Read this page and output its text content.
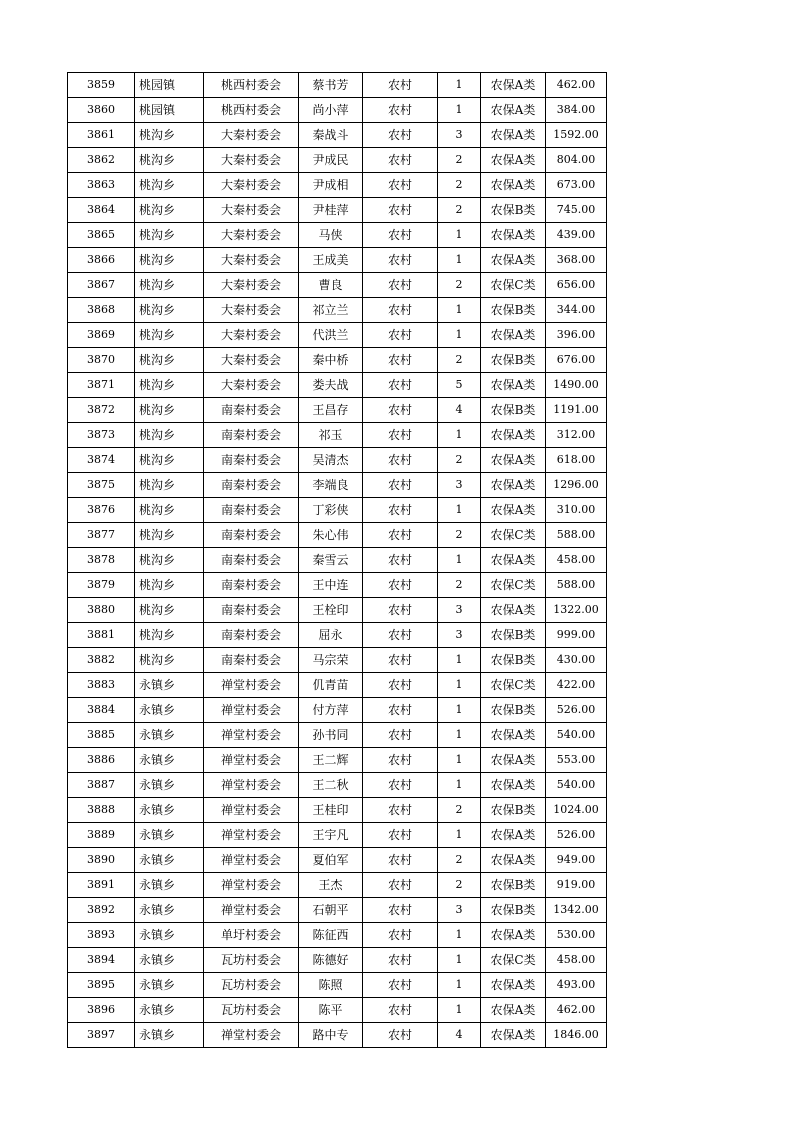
3859	桃园镇	桃西村委会	蔡书芳	农村	1	农保A类	462.00
3860	桃园镇	桃西村委会	尚小萍	农村	1	农保A类	384.00
3861	桃沟乡	大秦村委会	秦战斗	农村	3	农保A类	1592.00
3862	桃沟乡	大秦村委会	尹成民	农村	2	农保A类	804.00
3863	桃沟乡	大秦村委会	尹成相	农村	2	农保A类	673.00
3864	桃沟乡	大秦村委会	尹桂萍	农村	2	农保B类	745.00
3865	桃沟乡	大秦村委会	马侠	农村	1	农保A类	439.00
3866	桃沟乡	大秦村委会	王成美	农村	1	农保A类	368.00
3867	桃沟乡	大秦村委会	曹良	农村	2	农保C类	656.00
3868	桃沟乡	大秦村委会	祁立兰	农村	1	农保B类	344.00
3869	桃沟乡	大秦村委会	代洪兰	农村	1	农保A类	396.00
3870	桃沟乡	大秦村委会	秦中桥	农村	2	农保B类	676.00
3871	桃沟乡	大秦村委会	娄夫战	农村	5	农保A类	1490.00
3872	桃沟乡	南秦村委会	王昌存	农村	4	农保B类	1191.00
3873	桃沟乡	南秦村委会	祁玉	农村	1	农保A类	312.00
3874	桃沟乡	南秦村委会	吴清杰	农村	2	农保A类	618.00
3875	桃沟乡	南秦村委会	李端良	农村	3	农保A类	1296.00
3876	桃沟乡	南秦村委会	丁彩侠	农村	1	农保A类	310.00
3877	桃沟乡	南秦村委会	朱心伟	农村	2	农保C类	588.00
3878	桃沟乡	南秦村委会	秦雪云	农村	1	农保A类	458.00
3879	桃沟乡	南秦村委会	王中连	农村	2	农保C类	588.00
3880	桃沟乡	南秦村委会	王栓印	农村	3	农保A类	1322.00
3881	桃沟乡	南秦村委会	屈永	农村	3	农保B类	999.00
3882	桃沟乡	南秦村委会	马宗荣	农村	1	农保B类	430.00
3883	永镇乡	禅堂村委会	仉青苗	农村	1	农保C类	422.00
3884	永镇乡	禅堂村委会	付方萍	农村	1	农保B类	526.00
3885	永镇乡	禅堂村委会	孙书同	农村	1	农保A类	540.00
3886	永镇乡	禅堂村委会	王二辉	农村	1	农保A类	553.00
3887	永镇乡	禅堂村委会	王二秋	农村	1	农保A类	540.00
3888	永镇乡	禅堂村委会	王桂印	农村	2	农保B类	1024.00
3889	永镇乡	禅堂村委会	王宇凡	农村	1	农保A类	526.00
3890	永镇乡	禅堂村委会	夏伯军	农村	2	农保A类	949.00
3891	永镇乡	禅堂村委会	王杰	农村	2	农保B类	919.00
3892	永镇乡	禅堂村委会	石朝平	农村	3	农保B类	1342.00
3893	永镇乡	单圩村委会	陈征西	农村	1	农保A类	530.00
3894	永镇乡	瓦坊村委会	陈德好	农村	1	农保C类	458.00
3895	永镇乡	瓦坊村委会	陈照	农村	1	农保A类	493.00
3896	永镇乡	瓦坊村委会	陈平	农村	1	农保A类	462.00
3897	永镇乡	禅堂村委会	路中专	农村	4	农保A类	1846.00
